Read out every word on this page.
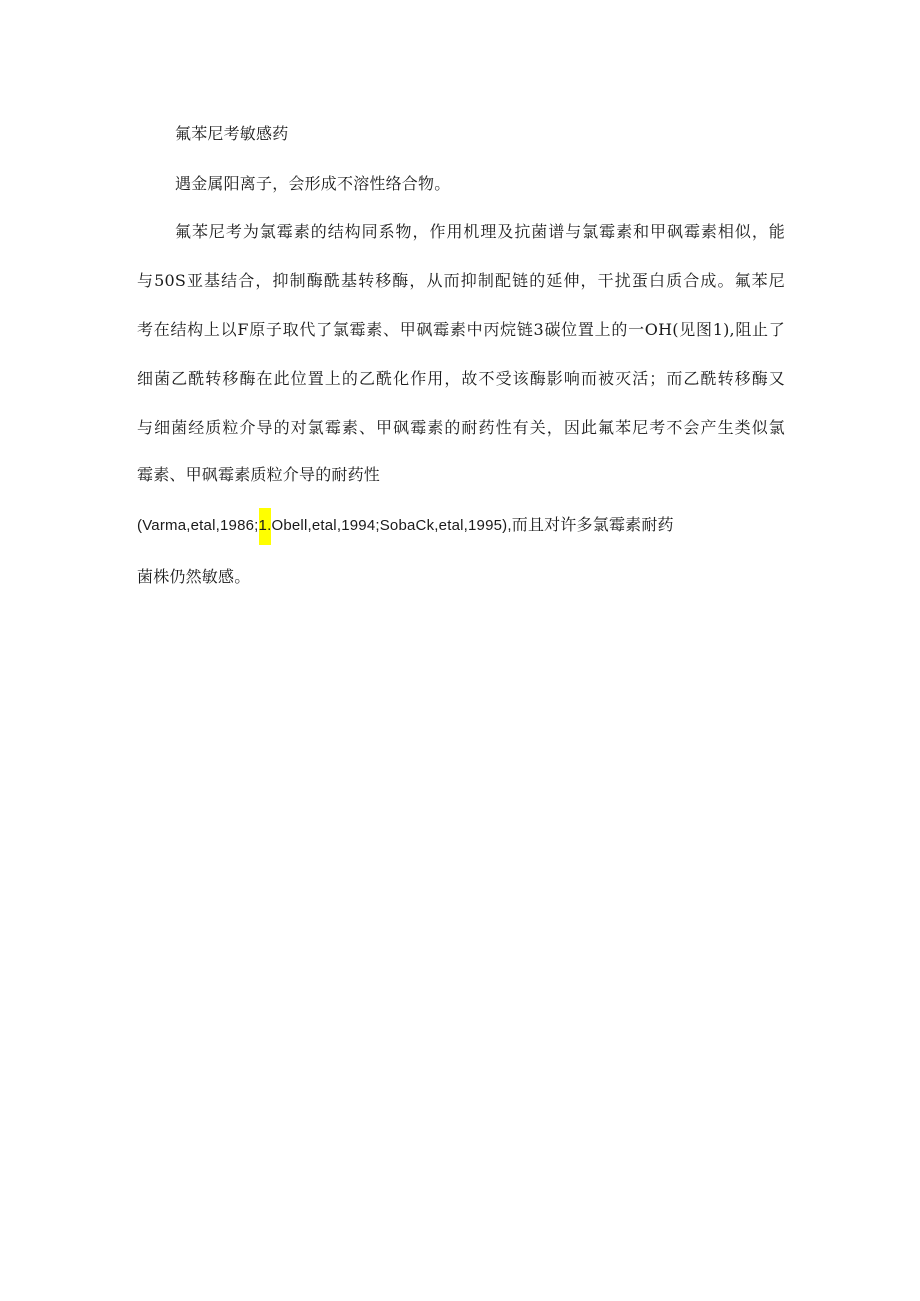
氟苯尼考敏感药
遇金属阳离子，会形成不溶性络合物。
氟苯尼考为氯霉素的结构同系物，作用机理及抗菌谱与氯霉素和甲砜霉素相似，能
与50S亚基结合，抑制酶酰基转移酶，从而抑制配链的延伸，干扰蛋白质合成。氟苯尼
考在结构上以F原子取代了氯霉素、甲砜霉素中丙烷链3碳位置上的一OH(见图1),阻止了
细菌乙酰转移酶在此位置上的乙酰化作用，故不受该酶影响而被灭活；而乙酰转移酶又
与细菌经质粒介导的对氯霉素、甲砜霉素的耐药性有关，因此氟苯尼考不会产生类似氯
霉素、甲砜霉素质粒介导的耐药性
(Varma,etal,1986;1.Obell,etal,1994;SobaCk,etal,1995),而且对许多氯霉素耐药
菌株仍然敏感。
